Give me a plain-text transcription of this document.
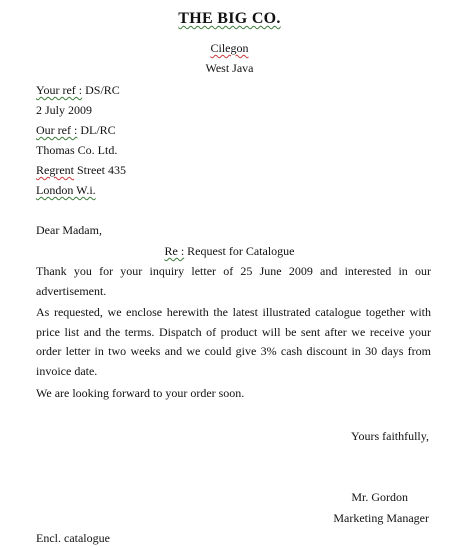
THE BIG CO.
Cilegon
West Java
Your ref : DS/RC
2 July 2009
Our ref : DL/RC
Thomas Co. Ltd.
Regrent Street 435
London W.i.
Dear Madam,
Re : Request for Catalogue
Thank you for your inquiry letter of 25 June 2009 and interested in our advertisement.
As requested, we enclose herewith the latest illustrated catalogue together with price list and the terms. Dispatch of product will be sent after we receive your order letter in two weeks and we could give 3% cash discount in 30 days from invoice date.
We are looking forward to your order soon.
Yours faithfully,
Mr. Gordon
Marketing Manager
Encl. catalogue
